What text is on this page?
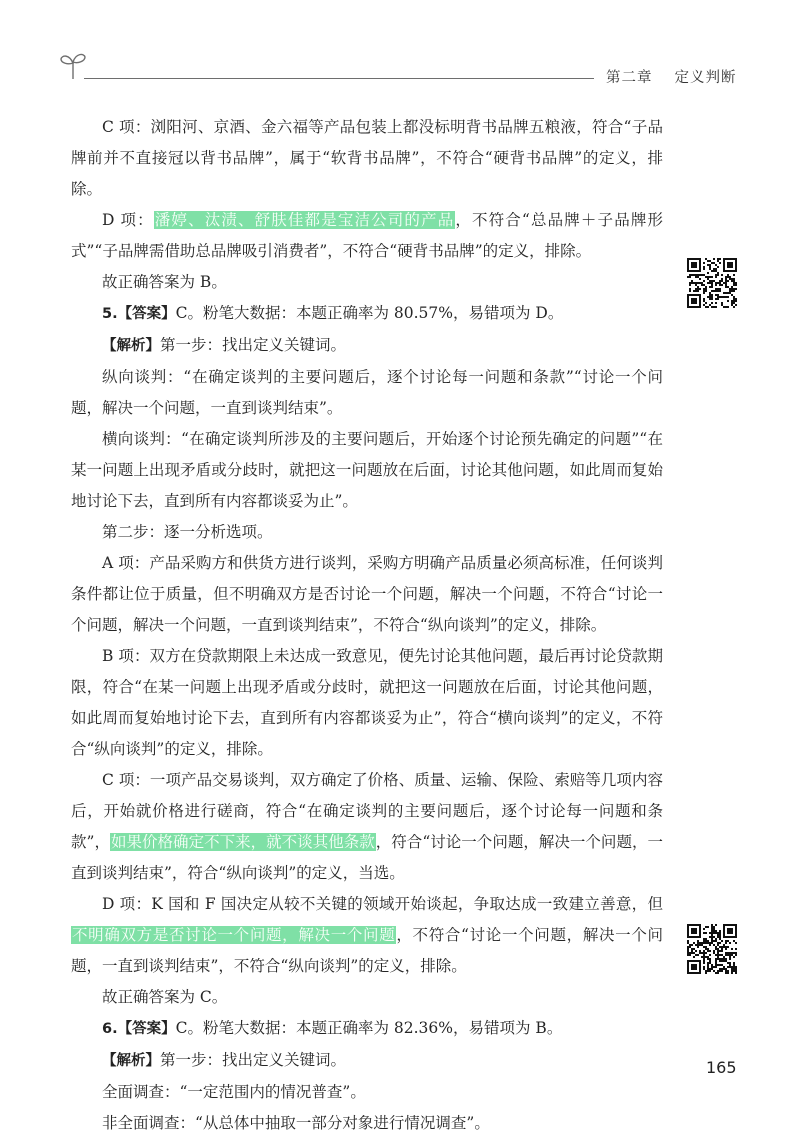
第二章 定义判断

C 项：浏阳河、京酒、金六福等产品包装上都没标明背书品牌五粮液，符合“子品牌前并不直接冠以背书品牌”，属于“软背书品牌”，不符合“硬背书品牌”的定义，排除。

D 项：潘婷、汰渍、舒肤佳都是宝洁公司的产品，不符合“总品牌＋子品牌形式”“子品牌需借助总品牌吸引消费者”，不符合“硬背书品牌”的定义，排除。

故正确答案为 B。

5.【答案】C。粉笔大数据：本题正确率为 80.57%，易错项为 D。

【解析】第一步：找出定义关键词。

纵向谈判：“在确定谈判的主要问题后，逐个讨论每一问题和条款”“讨论一个问题，解决一个问题，一直到谈判结束”。

横向谈判：“在确定谈判所涉及的主要问题后，开始逐个讨论预先确定的问题”“在某一问题上出现矛盾或分歧时，就把这一问题放在后面，讨论其他问题，如此周而复始地讨论下去，直到所有内容都谈妥为止”。

第二步：逐一分析选项。

A 项：产品采购方和供货方进行谈判，采购方明确产品质量必须高标准，任何谈判条件都让位于质量，但不明确双方是否讨论一个问题，解决一个问题，不符合“讨论一个问题，解决一个问题，一直到谈判结束”，不符合“纵向谈判”的定义，排除。

B 项：双方在贷款期限上未达成一致意见，便先讨论其他问题，最后再讨论贷款期限，符合“在某一问题上出现矛盾或分歧时，就把这一问题放在后面，讨论其他问题，如此周而复始地讨论下去，直到所有内容都谈妥为止”，符合“横向谈判”的定义，不符合“纵向谈判”的定义，排除。

C 项：一项产品交易谈判，双方确定了价格、质量、运输、保险、索赔等几项内容后，开始就价格进行磋商，符合“在确定谈判的主要问题后，逐个讨论每一问题和条款”，如果价格确定不下来，就不谈其他条款，符合“讨论一个问题，解决一个问题，一直到谈判结束”，符合“纵向谈判”的定义，当选。

D 项：K 国和 F 国决定从较不关键的领域开始谈起，争取达成一致建立善意，但不明确双方是否讨论一个问题，解决一个问题，不符合“讨论一个问题，解决一个问题，一直到谈判结束”，不符合“纵向谈判”的定义，排除。

故正确答案为 C。

6.【答案】C。粉笔大数据：本题正确率为 82.36%，易错项为 B。

【解析】第一步：找出定义关键词。

全面调查：“一定范围内的情况普查”。

非全面调查：“从总体中抽取一部分对象进行情况调查”。

165
